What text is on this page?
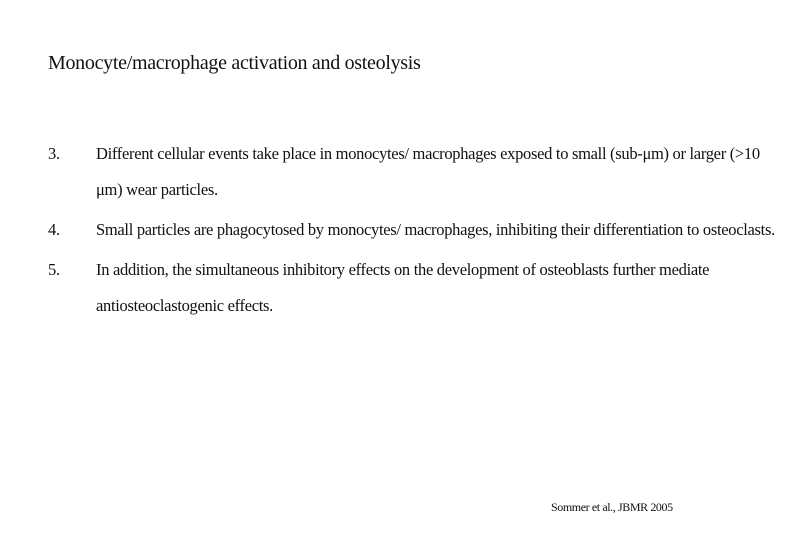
Monocyte/macrophage activation and osteolysis
3.	Different cellular events take place in monocytes/ macrophages exposed to small (sub-μm) or larger (>10 μm) wear particles.
4.	Small particles are phagocytosed by monocytes/ macrophages, inhibiting their differentiation to osteoclasts.
5.	In addition, the simultaneous inhibitory effects on the development of osteoblasts further mediate antiosteoclastogenic effects.
Sommer et al., JBMR 2005
